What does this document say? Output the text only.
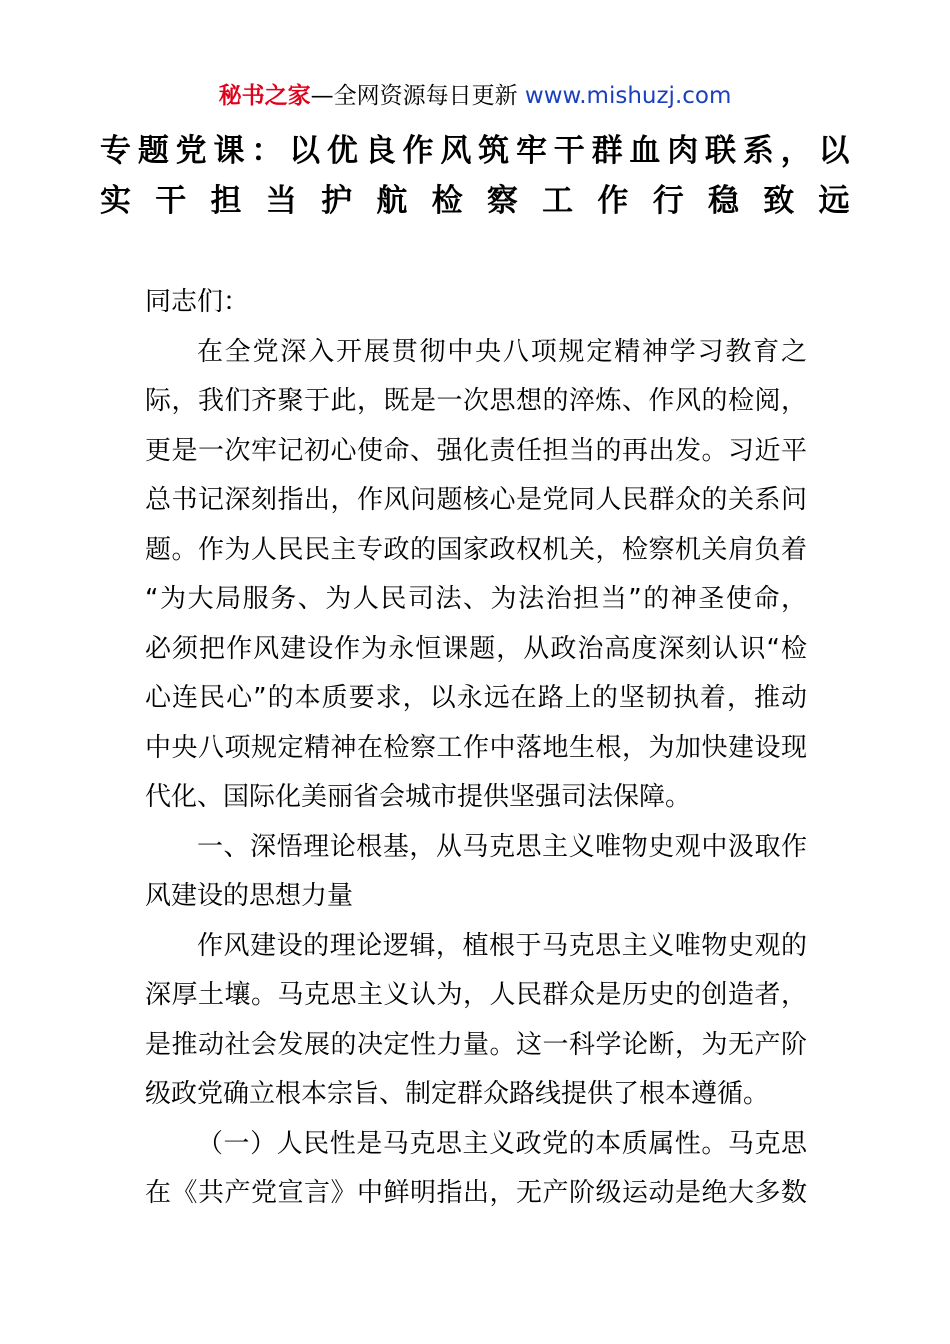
秘书之家—全网资源每日更新 www.mishuzj.com
专题党课：以优良作风筑牢干群血肉联系，以
实干担当护航检察工作行稳致远
同志们：
在全党深入开展贯彻中央八项规定精神学习教育之
际，我们齐聚于此，既是一次思想的淬炼、作风的检阅，
更是一次牢记初心使命、强化责任担当的再出发。习近平
总书记深刻指出，作风问题核心是党同人民群众的关系问
题。作为人民民主专政的国家政权机关，检察机关肩负着
“为大局服务、为人民司法、为法治担当”的神圣使命，
必须把作风建设作为永恒课题，从政治高度深刻认识“检
心连民心”的本质要求，以永远在路上的坚韧执着，推动
中央八项规定精神在检察工作中落地生根，为加快建设现
代化、国际化美丽省会城市提供坚强司法保障。
一、深悟理论根基，从马克思主义唯物史观中汲取作
风建设的思想力量
作风建设的理论逻辑，植根于马克思主义唯物史观的
深厚土壤。马克思主义认为，人民群众是历史的创造者，
是推动社会发展的决定性力量。这一科学论断，为无产阶
级政党确立根本宗旨、制定群众路线提供了根本遵循。
（一）人民性是马克思主义政党的本质属性。马克思
在《共产党宣言》中鲜明指出，无产阶级运动是绝大多数
